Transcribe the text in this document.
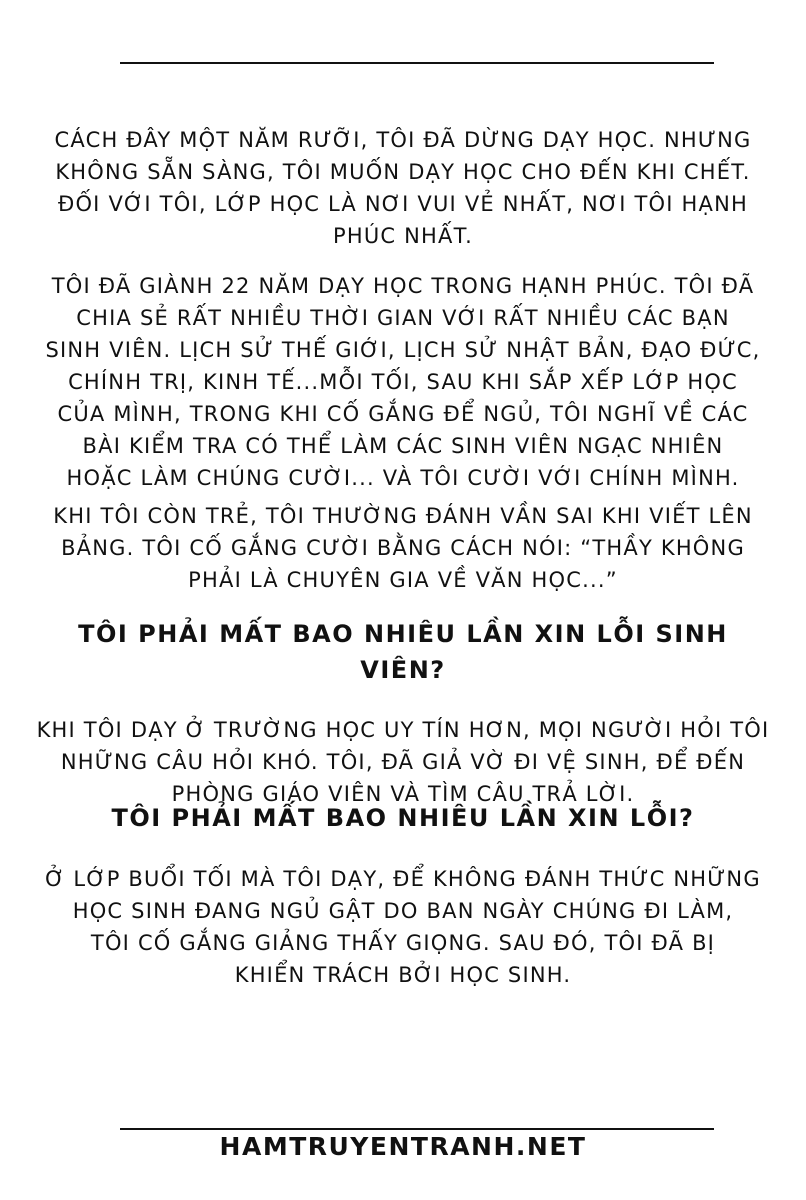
CÁCH ĐÂY MỘT NĂM RƯỠI, TÔI ĐÃ DỪNG DẠY HỌC. NHƯNG
KHÔNG SẴN SÀNG, TÔI MUỐN DẠY HỌC CHO ĐẾN KHI CHẾT.
ĐỐI VỚI TÔI, LỚP HỌC LÀ NƠI VUI VẺ NHẤT, NƠI TÔI HẠNH
PHÚC NHẤT.

TÔI ĐÃ GIÀNH 22 NĂM DẠY HỌC TRONG HẠNH PHÚC. TÔI ĐÃ
CHIA SẺ RẤT NHIỀU THỜI GIAN VỚI RẤT NHIỀU CÁC BẠN
SINH VIÊN. LỊCH SỬ THẾ GIỚI, LỊCH SỬ NHẬT BẢN, ĐẠO ĐỨC,
CHÍNH TRỊ, KINH TẾ...MỖI TỐI, SAU KHI SẮP XẾP LỚP HỌC
CỦA MÌNH, TRONG KHI CỐ GẮNG ĐỂ NGỦ, TÔI NGHĨ VỀ CÁC
BÀI KIỂM TRA CÓ THỂ LÀM CÁC SINH VIÊN NGẠC NHIÊN
HOẶC LÀM CHÚNG CƯỜI... VÀ TÔI CƯỜI VỚI CHÍNH MÌNH.

KHI TÔI CÒN TRẺ, TÔI THƯỜNG ĐÁNH VẦN SAI KHI VIẾT LÊN
BẢNG. TÔI CỐ GẮNG CƯỜI BẰNG CÁCH NÓI: “THẦY KHÔNG
PHẢI LÀ CHUYÊN GIA VỀ VĂN HỌC...”

TÔI PHẢI MẤT BAO NHIÊU LẦN XIN LỖI SINH
VIÊN?

KHI TÔI DẠY Ở TRƯỜNG HỌC UY TÍN HƠN, MỌI NGƯỜI HỎI TÔI
NHỮNG CÂU HỎI KHÓ. TÔI, ĐÃ GIẢ VỜ ĐI VỆ SINH, ĐỂ ĐẾN
PHÒNG GIÁO VIÊN VÀ TÌM CÂU TRẢ LỜI.

TÔI PHẢI MẤT BAO NHIÊU LẦN XIN LỖI?

Ở LỚP BUỔI TỐI MÀ TÔI DẠY, ĐỂ KHÔNG ĐÁNH THỨC NHỮNG
HỌC SINH ĐANG NGỦ GẬT DO BAN NGÀY CHÚNG ĐI LÀM,
TÔI CỐ GẮNG GIẢNG THẤY GIỌNG. SAU ĐÓ, TÔI ĐÃ BỊ
KHIỂN TRÁCH BỞI HỌC SINH.

HAMTRUYENTRANH.NET
